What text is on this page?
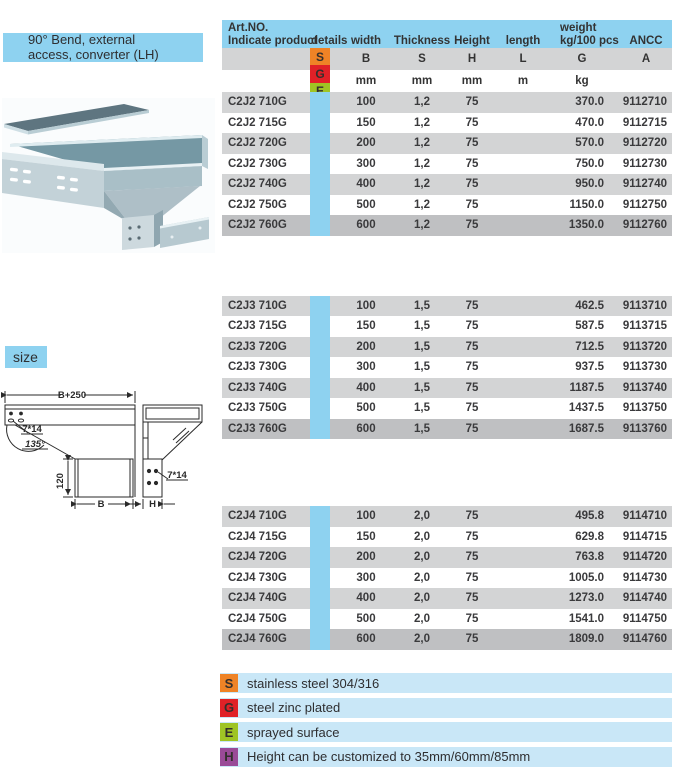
90° Bend, external
access, converter (LH)
size
B+250
7*14
135°
120
B
7*14
H
Art.NO.
Indicate product
details width Thickness Height length
weight
kg/100 pcs ANCC
B	S	H	L	G	A
mm	mm	mm	m	kg
S
G
C2J2 710G	100	1,2	75	370.0	9112710
C2J2 715G	150	1,2	75	470.0	9112715
C2J2 720G	200	1,2	75	570.0	9112720
C2J2 730G	300	1,2	75	750.0	9112730
C2J2 740G	400	1,2	75	950.0	9112740
C2J2 750G	500	1,2	75	1150.0	9112750
C2J2 760G	600	1,2	75	1350.0	9112760
C2J3 710G	100	1,5	75	462.5	9113710
C2J3 715G	150	1,5	75	587.5	9113715
C2J3 720G	200	1,5	75	712.5	9113720
C2J3 730G	300	1,5	75	937.5	9113730
C2J3 740G	400	1,5	75	1187.5	9113740
C2J3 750G	500	1,5	75	1437.5	9113750
C2J3 760G	600	1,5	75	1687.5	9113760
C2J4 710G	100	2,0	75	495.8	9114710
C2J4 715G	150	2,0	75	629.8	9114715
C2J4 720G	200	2,0	75	763.8	9114720
C2J4 730G	300	2,0	75	1005.0	9114730
C2J4 740G	400	2,0	75	1273.0	9114740
C2J4 750G	500	2,0	75	1541.0	9114750
C2J4 760G	600	2,0	75	1809.0	9114760
S	stainless steel 304/316
G steel zinc plated
E	sprayed surface
H	Height can be customized to 35mm/60mm/85mm
